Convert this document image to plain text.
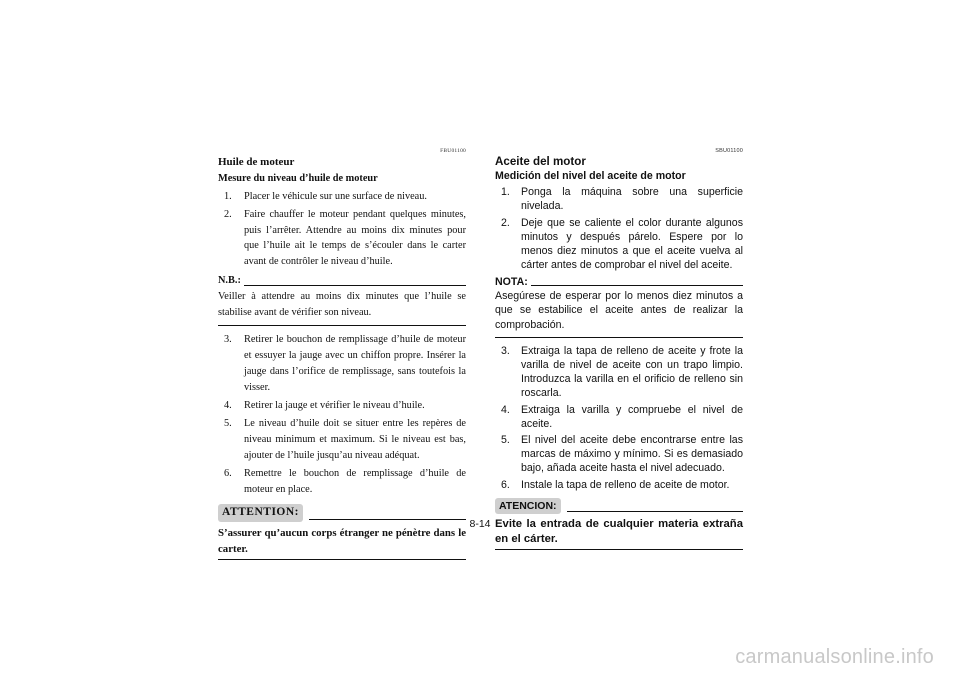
FBU01100
Huile de moteur
Mesure du niveau d’huile de moteur
1.	Placer le véhicule sur une surface de niveau.
2.	Faire chauffer le moteur pendant quelques minutes, puis l’arrêter. Attendre au moins dix minutes pour que l’huile ait le temps de s’écouler dans le carter avant de contrôler le niveau d’huile.
N.B.:
Veiller à attendre au moins dix minutes que l’huile se stabilise avant de vérifier son niveau.
3.	Retirer le bouchon de remplissage d’huile de moteur et essuyer la jauge avec un chiffon propre. Insérer la jauge dans l’orifice de remplissage, sans toutefois la visser.
4.	Retirer la jauge et vérifier le niveau d’huile.
5.	Le niveau d’huile doit se situer entre les repères de niveau minimum et maximum. Si le niveau est bas, ajouter de l’huile jusqu’au niveau adéquat.
6.	Remettre le bouchon de remplissage d’huile de moteur en place.
ATTENTION:
S’assurer qu’aucun corps étranger ne pénètre dans le carter.
SBU01100
Aceite del motor
Medición del nivel del aceite de motor
1.	Ponga la máquina sobre una superficie nivelada.
2.	Deje que se caliente el color durante algunos minutos y después párelo. Espere por lo menos diez minutos a que el aceite vuelva al cárter antes de comprobar el nivel del aceite.
NOTA:
Asegúrese de esperar por lo menos diez minutos a que se estabilice el aceite antes de realizar la comprobación.
3.	Extraiga la tapa de relleno de aceite y frote la varilla de nivel de aceite con un trapo limpio. Introduzca la varilla en el orificio de relleno sin roscarla.
4.	Extraiga la varilla y compruebe el nivel de aceite.
5.	El nivel del aceite debe encontrarse entre las marcas de máximo y mínimo. Si es demasiado bajo, añada aceite hasta el nivel adecuado.
6.	Instale la tapa de relleno de aceite de motor.
ATENCION:
Evite la entrada de cualquier materia extraña en el cárter.
8-14
carmanualsonline.info
